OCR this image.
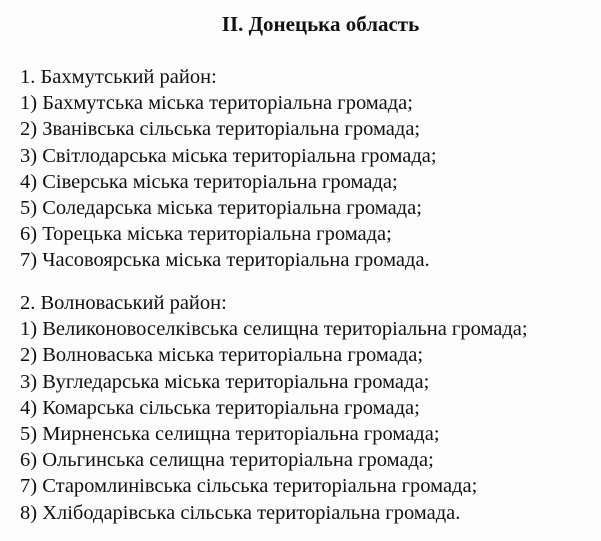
II. Донецька область
1. Бахмутський район:
1) Бахмутська міська територіальна громада;
2) Званівська сільська територіальна громада;
3) Світлодарська міська територіальна громада;
4) Сіверська міська територіальна громада;
5) Соледарська міська територіальна громада;
6) Торецька міська територіальна громада;
7) Часовоярська міська територіальна громада.
2. Волноваський район:
1) Великоновоселківська селищна територіальна громада;
2) Волноваська міська територіальна громада;
3) Вугледарська міська територіальна громада;
4) Комарська сільська територіальна громада;
5) Мирненська селищна територіальна громада;
6) Ольгинська селищна територіальна громада;
7) Старомлинівська сільська територіальна громада;
8) Хлібодарівська сільська територіальна громада.
